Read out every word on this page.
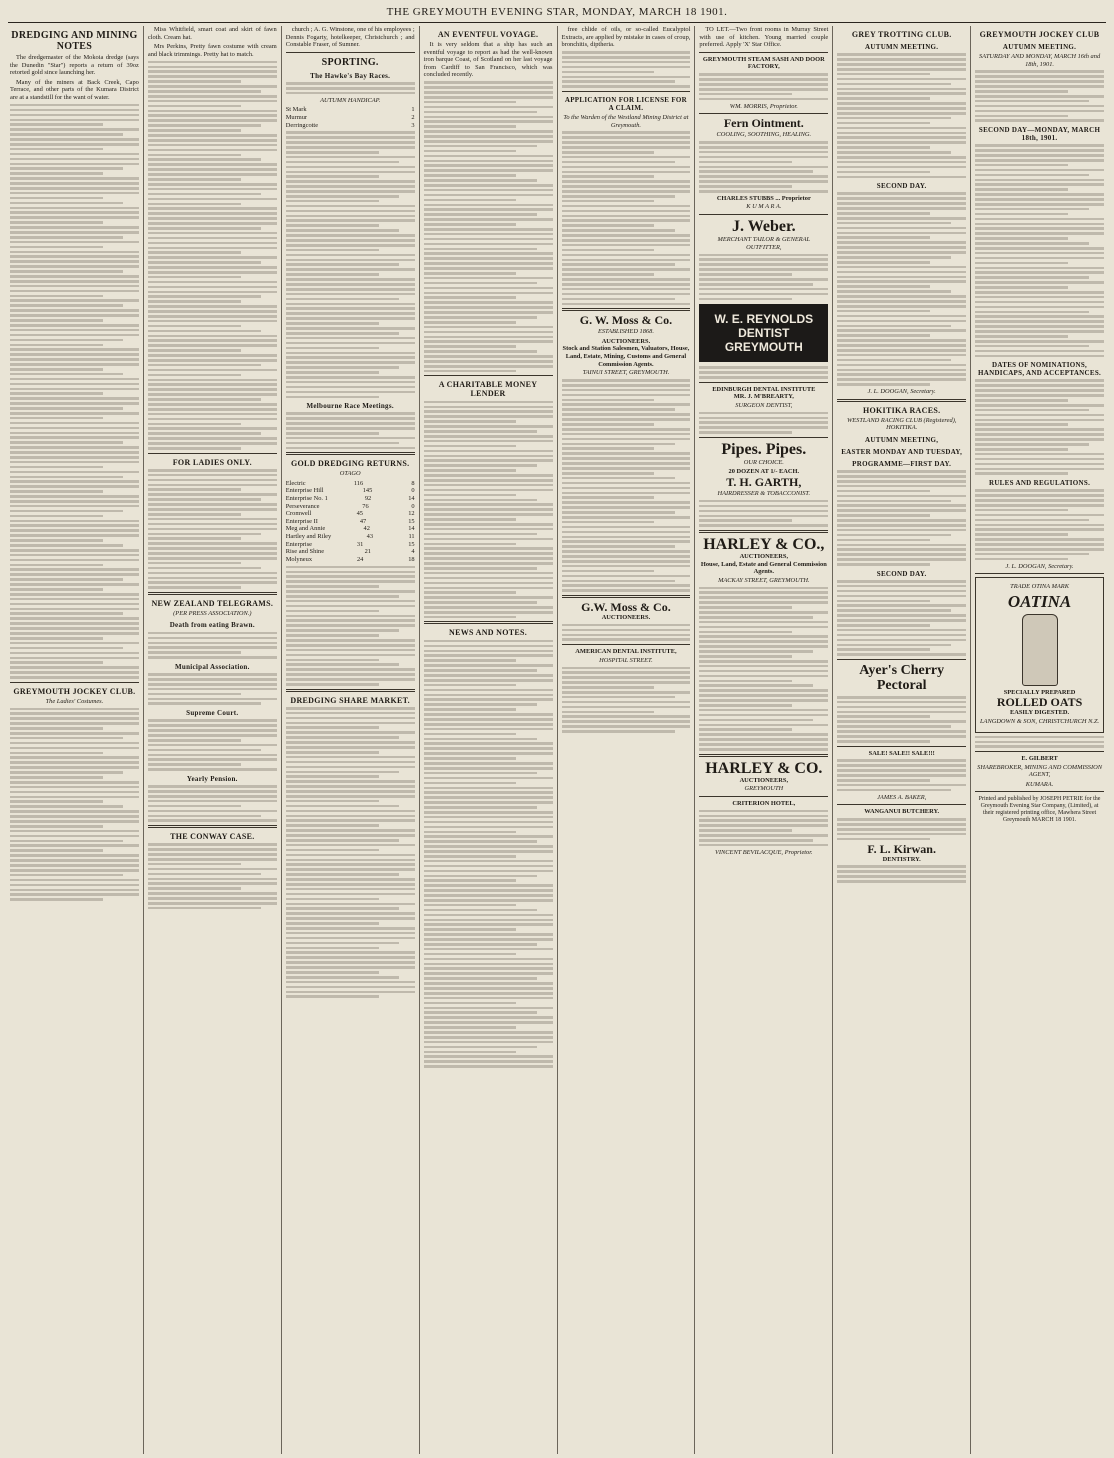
THE GREYMOUTH EVENING STAR, MONDAY, MARCH 18 1901.
DREDGING AND MINING NOTES

The dredgemaster of the Mokoia dredge (says the Dunedin "Star") reports a return of 39oz retorted gold since launching her.

Many of the miners at Back Creek, Capo Terrace, and other parts of the Kumara District are at a standstill for the want of water.

GREYMOUTH JOCKEY CLUB.
The Ladies' Costumes.

Miss Whitfield, smart coat and skirt of fawn cloth. Cream hat.

Mrs Perkins, Pretty fawn costume with cream and black trimmings. Pretty hat to match.

FOR LADIES ONLY.
NEW ZEALAND TELEGRAMS.
(PER PRESS ASSOCIATION.)
Death from eating Brawn.
Municipal Association.
Supreme Court.
Yearly Pension.
THE CONWAY CASE.

church ; A. G. Winstone, one of his employees ; Dennis Fogarty, hotelkeeper, Christchurch ; and Constable Fraser, of Sumner.

SPORTING.
The Hawke's Bay Races.
AUTUMN HANDICAP.
St Mark	1
Murmur	2
Derringcotte	3
Melbourne Race Meetings.
GOLD DREDGING RETURNS.
OTAGO
Electric	116	8
Enterprise Hill	145	0
Enterprise No. 1	92	14
Perseverance	76	0
Cromwell	45	12
Enterprise II	47	15
Meg and Annie	42	14
Hartley and Riley	43	11
Enterprise	31	15
Rise and Shine	21	4
Molyneux	24	18
DREDGING SHARE MARKET.
AN EVENTFUL VOYAGE.

It is very seldom that a ship has such an eventful voyage to report as had the well-known iron barque Coast, of Scotland on her last voyage from Cardiff to San Francisco, which was concluded recently.

A CHARITABLE MONEY LENDER
NEWS AND NOTES.

free chlide of oils, or so-called Eucalyptol Extracts, are applied by mistake in cases of croup, bronchitis, diptheria.

APPLICATION FOR LICENSE FOR A CLAIM.
To the Warden of the Westland Mining District at Greymouth.
G. W. Moss & Co.
ESTABLISHED 1868.
AUCTIONEERS.
Stock and Station Salesmen, Valuators, House, Land, Estate, Mining, Customs and General Commission Agents.
TAINUI STREET, GREYMOUTH.
G.W. Moss & Co.
AUCTIONEERS.
AMERICAN DENTAL INSTITUTE,
HOSPITAL STREET.

TO LET.—Two front rooms in Murray Street with use of kitchen. Young married couple preferred. Apply 'X' Star Office.

GREYMOUTH STEAM SASH AND DOOR FACTORY,
WM. MORRIS, Proprietor.
Fern Ointment.
COOLING, SOOTHING, HEALING.
CHARLES STUBBS ... Proprietor
K U M A R A.
J. Weber.
MERCHANT TAILOR & GENERAL OUTFITTER,
W. E. REYNOLDS DENTIST GREYMOUTH
EDINBURGH DENTAL INSTITUTE
MR. J. M'BREARTY,
SURGEON DENTIST,
Pipes. Pipes.
OUR CHOICE.
20 DOZEN AT 1/- EACH.
T. H. GARTH,
HAIRDRESSER & TOBACCONIST.
HARLEY & CO.,
AUCTIONEERS,
House, Land, Estate and General Commission Agents.
MACKAY STREET, GREYMOUTH.
HARLEY & CO.
AUCTIONEERS,
GREYMOUTH
CRITERION HOTEL,
VINCENT BEVILACQUE, Proprietor.
GREY TROTTING CLUB.
AUTUMN MEETING.
SECOND DAY.
J. L. DOOGAN, Secretary.
HOKITIKA RACES.
WESTLAND RACING CLUB (Registered), HOKITIKA.
AUTUMN MEETING,
EASTER MONDAY AND TUESDAY,
PROGRAMME—FIRST DAY.
SECOND DAY.
Ayer's Cherry Pectoral
SALE! SALE!! SALE!!!
JAMES A. BAKER,
WANGANUI BUTCHERY.
F. L. Kirwan.
DENTISTRY.
GREYMOUTH JOCKEY CLUB
AUTUMN MEETING.
SATURDAY AND MONDAY, MARCH 16th and 18th, 1901.
SECOND DAY—MONDAY, MARCH 18th, 1901.
DATES OF NOMINATIONS, HANDICAPS, AND ACCEPTANCES.
RULES AND REGULATIONS.
J. L. DOOGAN, Secretary.
TRADE OTINA MARK
OATINA
SPECIALLY PREPARED
ROLLED OATS
EASILY DIGESTED.
LANGDOWN & SON, CHRISTCHURCH N.Z.
E. GILBERT
SHAREBROKER, MINING AND COMMISSION AGENT,
KUMARA.
Printed and published by JOSEPH PETRIE for the Greymouth Evening Star Company, (Limited), at their registered printing office, Mawhera Street Greymouth MARCH 18 1901.
